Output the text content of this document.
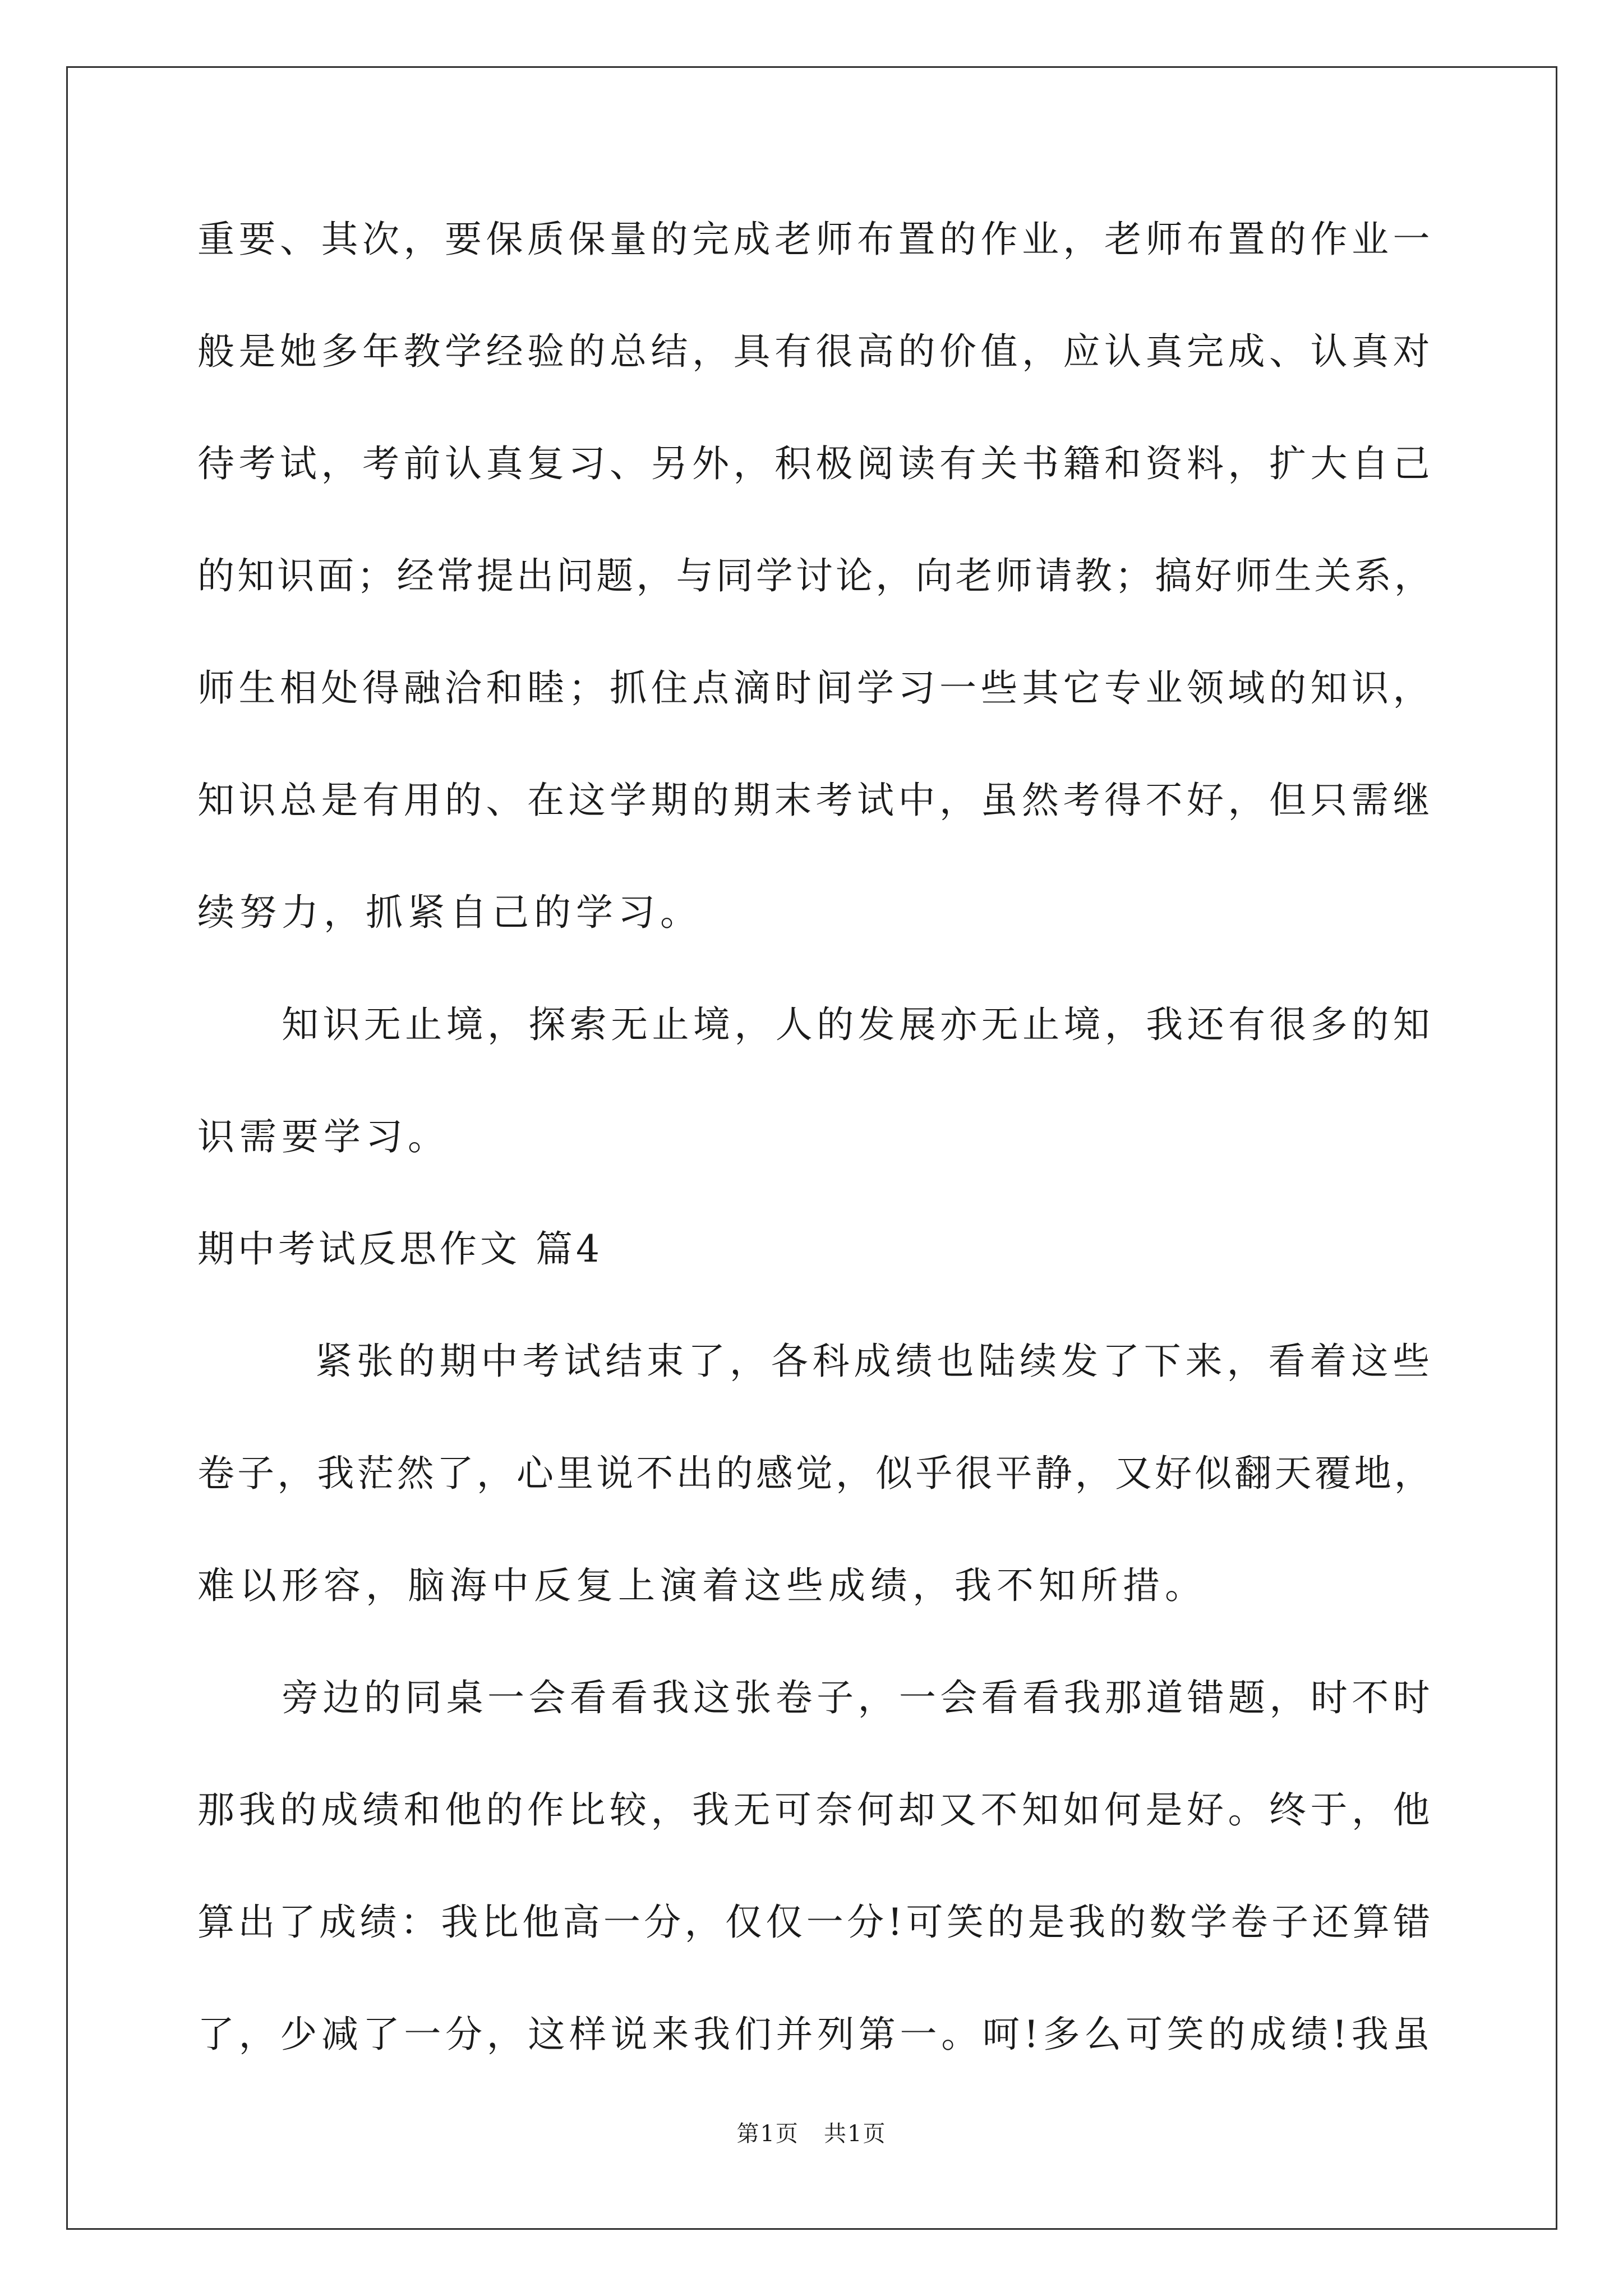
重要、其次，要保质保量的完成老师布置的作业，老师布置的作业一
般是她多年教学经验的总结，具有很高的价值，应认真完成、认真对
待考试，考前认真复习、另外，积极阅读有关书籍和资料，扩大自己
的知识面；经常提出问题，与同学讨论，向老师请教；搞好师生关系，
师生相处得融洽和睦；抓住点滴时间学习一些其它专业领域的知识，
知识总是有用的、在这学期的期末考试中，虽然考得不好，但只需继
续努力，抓紧自己的学习。
知识无止境，探索无止境，人的发展亦无止境，我还有很多的知
识需要学习。
期中考试反思作文 篇4
紧张的期中考试结束了，各科成绩也陆续发了下来，看着这些
卷子，我茫然了，心里说不出的感觉，似乎很平静，又好似翻天覆地，
难以形容，脑海中反复上演着这些成绩，我不知所措。
旁边的同桌一会看看我这张卷子，一会看看我那道错题，时不时
那我的成绩和他的作比较，我无可奈何却又不知如何是好。终于，他
算出了成绩：我比他高一分，仅仅一分!可笑的是我的数学卷子还算错
了，少减了一分，这样说来我们并列第一。呵!多么可笑的成绩!我虽
第1页   共1页
